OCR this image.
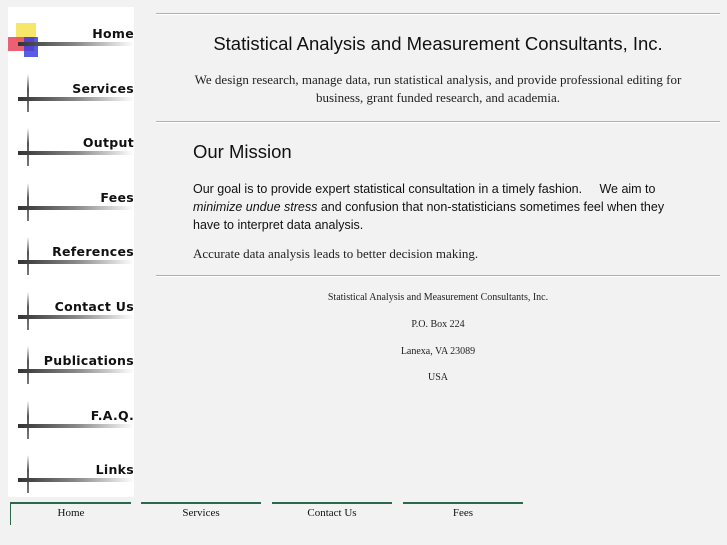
Home
Services
Output
Fees
References
Contact Us
Publications
F.A.Q.
Links
Statistical Analysis and Measurement Consultants, Inc.
We design research, manage data, run statistical analysis, and provide professional editing for business, grant funded research, and academia.
Our Mission
Our goal is to provide expert statistical consultation in a timely fashion.     We aim to minimize undue stress and confusion that non-statisticians sometimes feel when they have to interpret data analysis.
Accurate data analysis leads to better decision making.
Statistical Analysis and Measurement Consultants, Inc.
P.O. Box 224
Lanexa, VA 23089
USA
Home	Services	Contact Us	Fees
